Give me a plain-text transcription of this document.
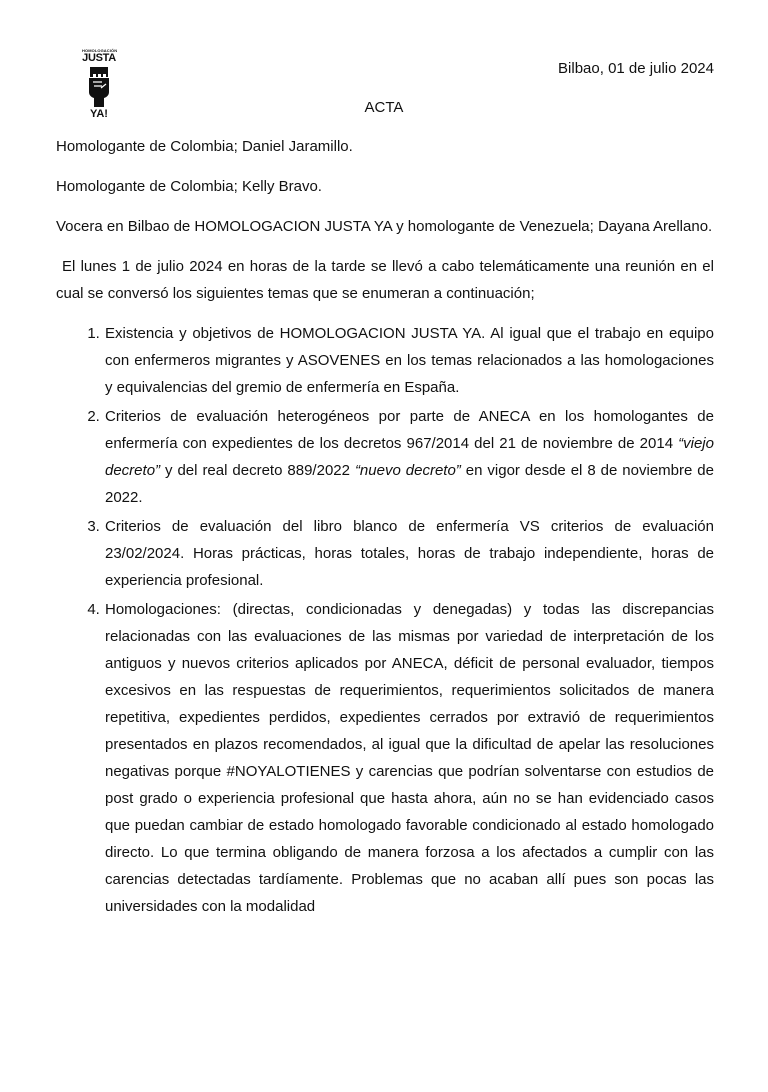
HOMOLOGACIÓN
JUSTA
YA!
Bilbao, 01 de julio 2024
ACTA

Homologante de Colombia; Daniel Jaramillo.

Homologante de Colombia; Kelly Bravo.

Vocera en Bilbao de HOMOLOGACION JUSTA YA y homologante de Venezuela; Dayana Arellano.

El lunes 1 de julio 2024 en horas de la tarde se llevó a cabo telemáticamente una reunión en el cual se conversó los siguientes temas que se enumeran a continuación;

1. Existencia y objetivos de HOMOLOGACION JUSTA YA. Al igual que el trabajo en equipo con enfermeros migrantes y ASOVENES en los temas relacionados a las homologaciones y equivalencias del gremio de enfermería en España.
2. Criterios de evaluación heterogéneos por parte de ANECA en los homologantes de enfermería con expedientes de los decretos 967/2014 del 21 de noviembre de 2014 “viejo decreto” y del real decreto 889/2022 “nuevo decreto” en vigor desde el 8 de noviembre de 2022.
3. Criterios de evaluación del libro blanco de enfermería VS criterios de evaluación 23/02/2024. Horas prácticas, horas totales, horas de trabajo independiente, horas de experiencia profesional.
4. Homologaciones: (directas, condicionadas y denegadas) y todas las discrepancias relacionadas con las evaluaciones de las mismas por variedad de interpretación de los antiguos y nuevos criterios aplicados por ANECA, déficit de personal evaluador, tiempos excesivos en las respuestas de requerimientos, requerimientos solicitados de manera repetitiva, expedientes perdidos, expedientes cerrados por extravió de requerimientos presentados en plazos recomendados, al igual que la dificultad de apelar las resoluciones negativas porque #NOYALOTIENES y carencias que podrían solventarse con estudios de post grado o experiencia profesional que hasta ahora, aún no se han evidenciado casos que puedan cambiar de estado homologado favorable condicionado al estado homologado directo. Lo que termina obligando de manera forzosa a los afectados a cumplir con las carencias detectadas tardíamente. Problemas que no acaban allí pues son pocas las universidades con la modalidad
